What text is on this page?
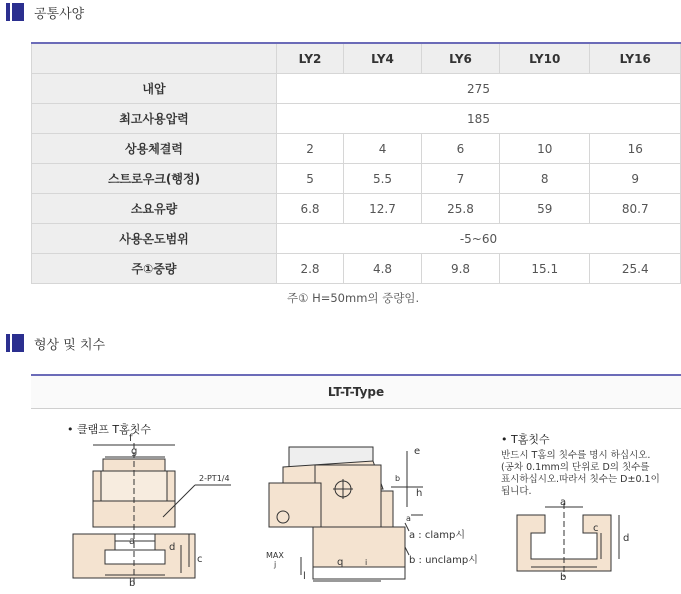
공통사양
	LY2	LY4	LY6	LY10	LY16
내압	275				
최고사용압력	185				
상용체결력	2	4	6	10	16
스트로우크(행정)	5	5.5	7	8	9
소요유량	6.8	12.7	25.8	59	80.7
사용온도범위	-5~60				
주①중량	2.8	4.8	9.8	15.1	25.4
주① H=50mm의 중량임.
형상 및 치수
LT-T-Type
• 클램프 T홈칫수
f
g
a
b
c
d
2-PT1/4
e
h
b
a
MAX
j	q
l
i
a : clamp시
b : unclamp시
• T홈칫수
반드시 T홈의 칫수를 명시 하십시오.
(공차 0.1mm의 단위로 D의 칫수를
표시하십시오.따라서 칫수는 D±0.1이
됩니다.
a
b
c
d
